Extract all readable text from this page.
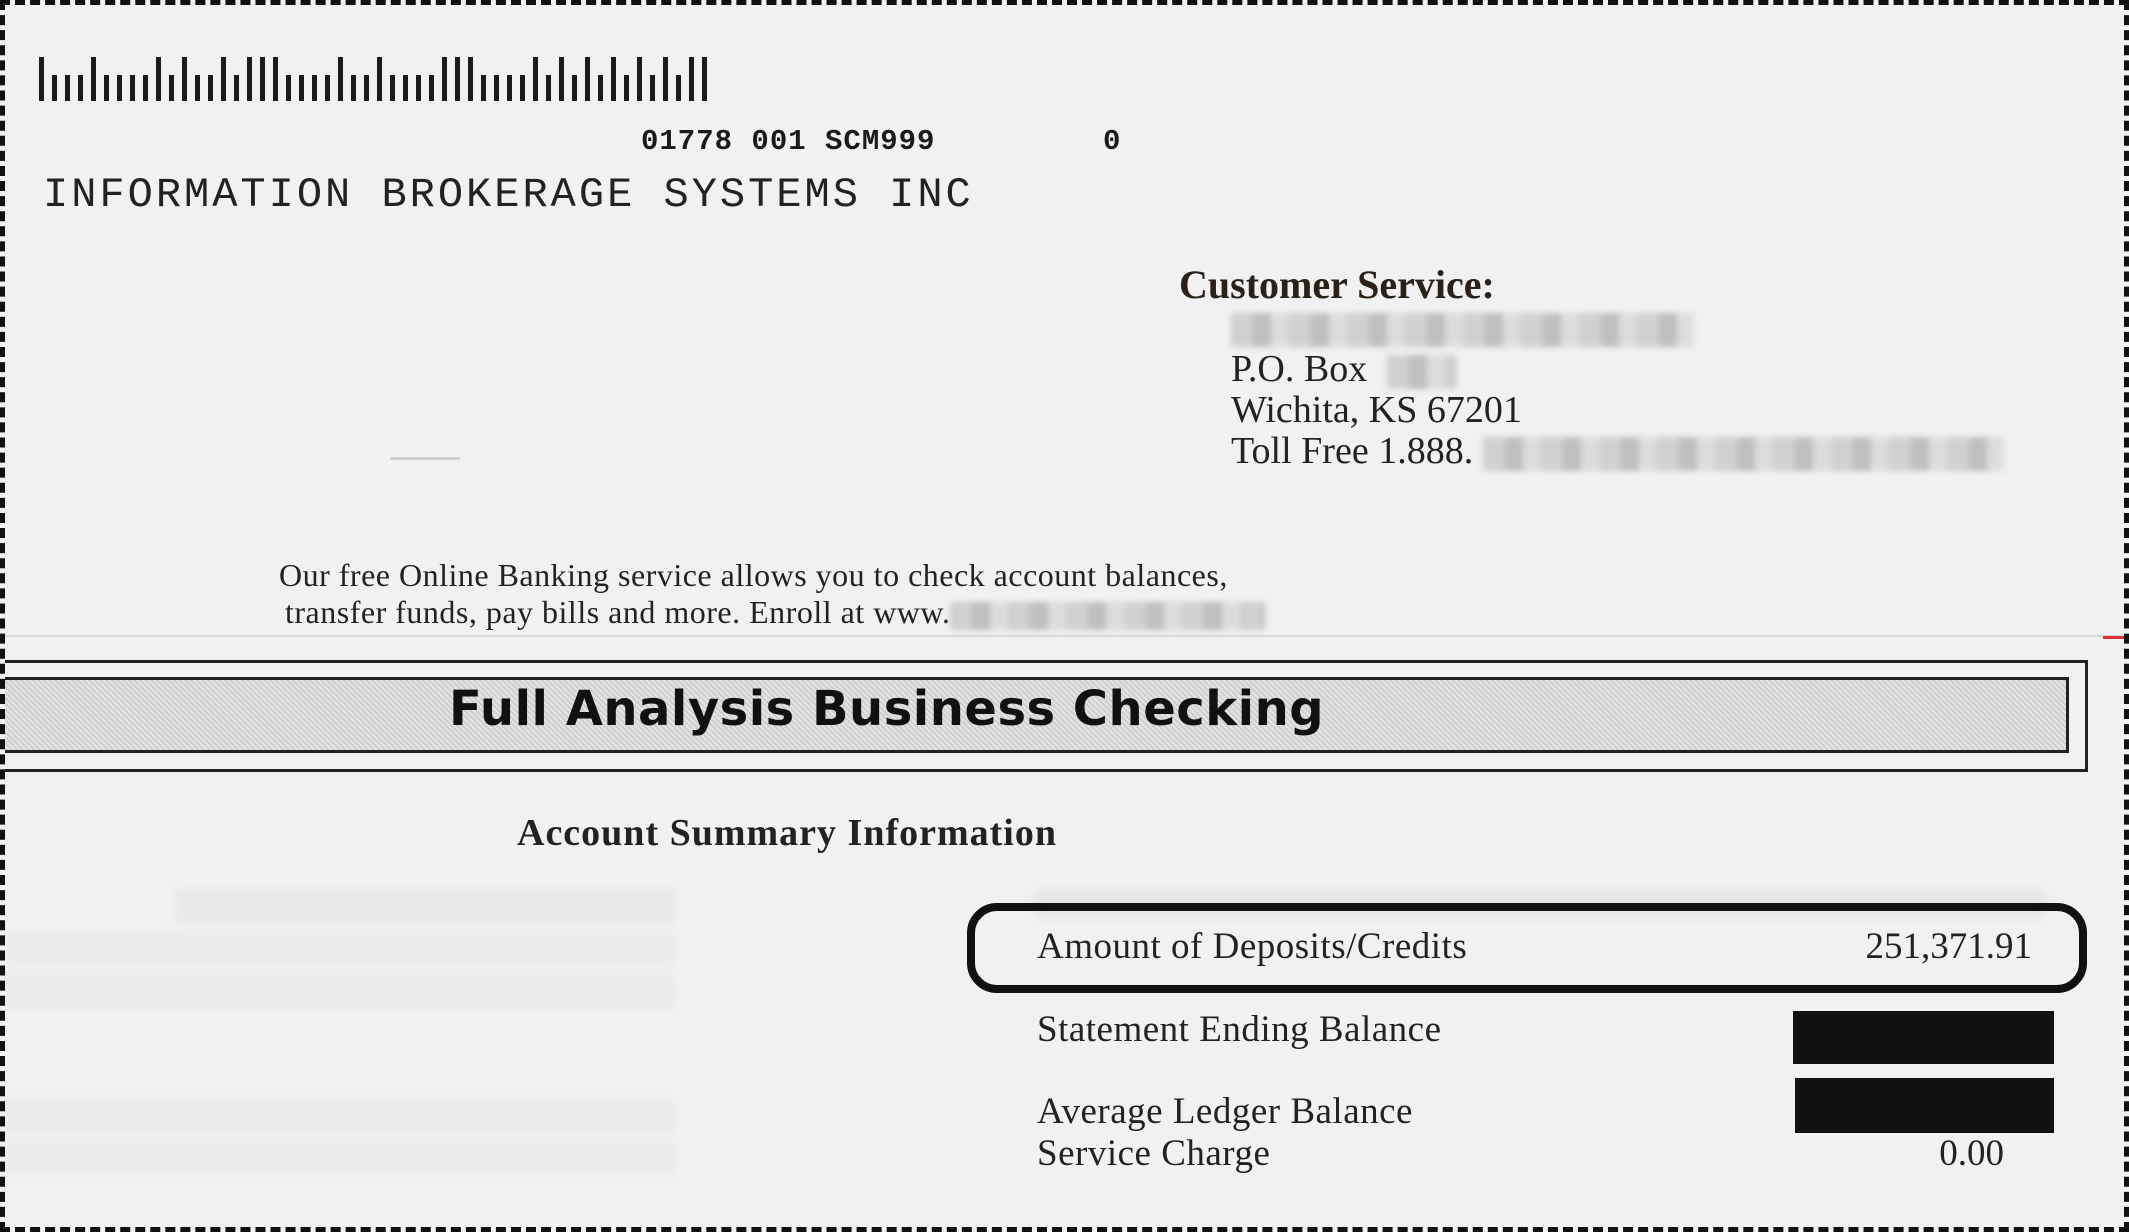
01778 001 SCM999	0
INFORMATION BROKERAGE SYSTEMS INC
Customer Service:
P.O. Box
Wichita, KS 67201
Toll Free 1.888.
Our free Online Banking service allows you to check account balances,
transfer funds, pay bills and more. Enroll at www.
Full Analysis Business Checking
Account Summary Information
Amount of Deposits/Credits	251,371.91
Statement Ending Balance
Average Ledger Balance
Service Charge	0.00
